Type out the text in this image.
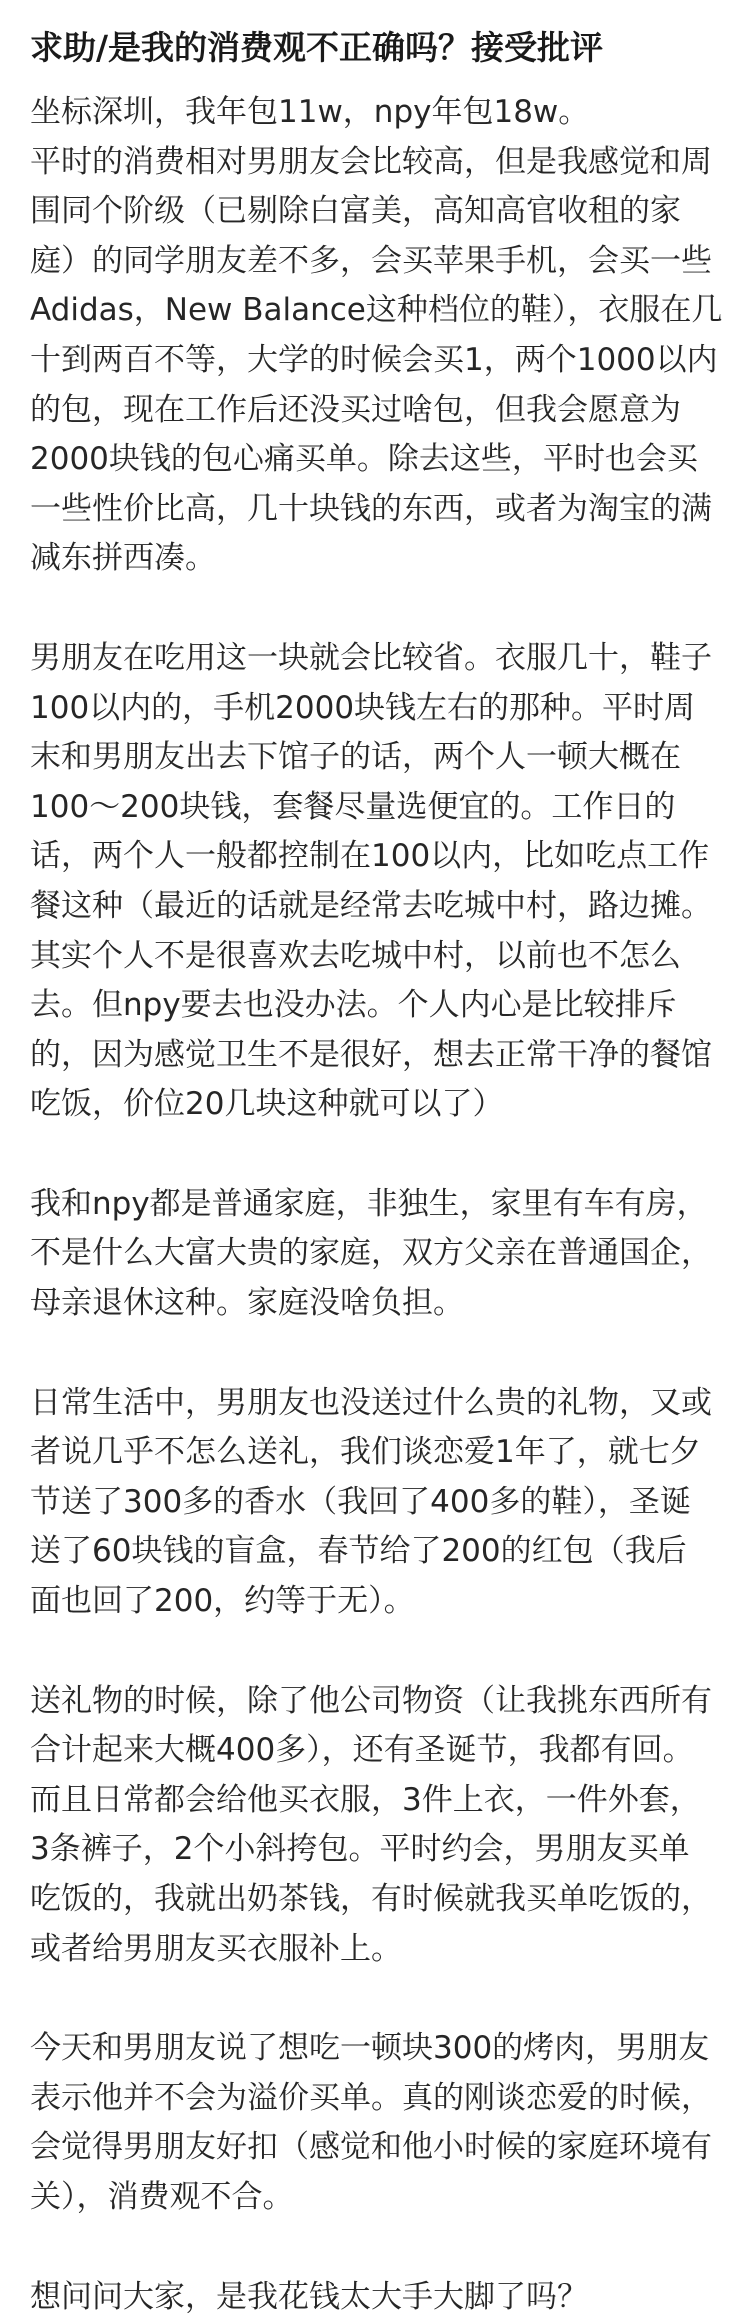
求助/是我的消费观不正确吗？接受批评
坐标深圳，我年包11w，npy年包18w。
平时的消费相对男朋友会比较高，但是我感觉和周
围同个阶级（已剔除白富美，高知高官收租的家
庭）的同学朋友差不多，会买苹果手机，会买一些
Adidas，New Balance这种档位的鞋），衣服在几
十到两百不等，大学的时候会买1，两个1000以内
的包，现在工作后还没买过啥包，但我会愿意为
2000块钱的包心痛买单。除去这些，平时也会买
一些性价比高，几十块钱的东西，或者为淘宝的满
减东拼西凑。
男朋友在吃用这一块就会比较省。衣服几十，鞋子
100以内的，手机2000块钱左右的那种。平时周
末和男朋友出去下馆子的话，两个人一顿大概在
100～200块钱，套餐尽量选便宜的。工作日的
话，两个人一般都控制在100以内，比如吃点工作
餐这种（最近的话就是经常去吃城中村，路边摊。
其实个人不是很喜欢去吃城中村，以前也不怎么
去。但npy要去也没办法。个人内心是比较排斥
的，因为感觉卫生不是很好，想去正常干净的餐馆
吃饭，价位20几块这种就可以了）
我和npy都是普通家庭，非独生，家里有车有房，
不是什么大富大贵的家庭，双方父亲在普通国企，
母亲退休这种。家庭没啥负担。
日常生活中，男朋友也没送过什么贵的礼物，又或
者说几乎不怎么送礼，我们谈恋爱1年了，就七夕
节送了300多的香水（我回了400多的鞋），圣诞
送了60块钱的盲盒，春节给了200的红包（我后
面也回了200，约等于无）。
送礼物的时候，除了他公司物资（让我挑东西所有
合计起来大概400多），还有圣诞节，我都有回。
而且日常都会给他买衣服，3件上衣，一件外套，
3条裤子，2个小斜挎包。平时约会，男朋友买单
吃饭的，我就出奶茶钱，有时候就我买单吃饭的，
或者给男朋友买衣服补上。
今天和男朋友说了想吃一顿块300的烤肉，男朋友
表示他并不会为溢价买单。真的刚谈恋爱的时候，
会觉得男朋友好扣（感觉和他小时候的家庭环境有
关），消费观不合。
想问问大家，是我花钱太大手大脚了吗？
